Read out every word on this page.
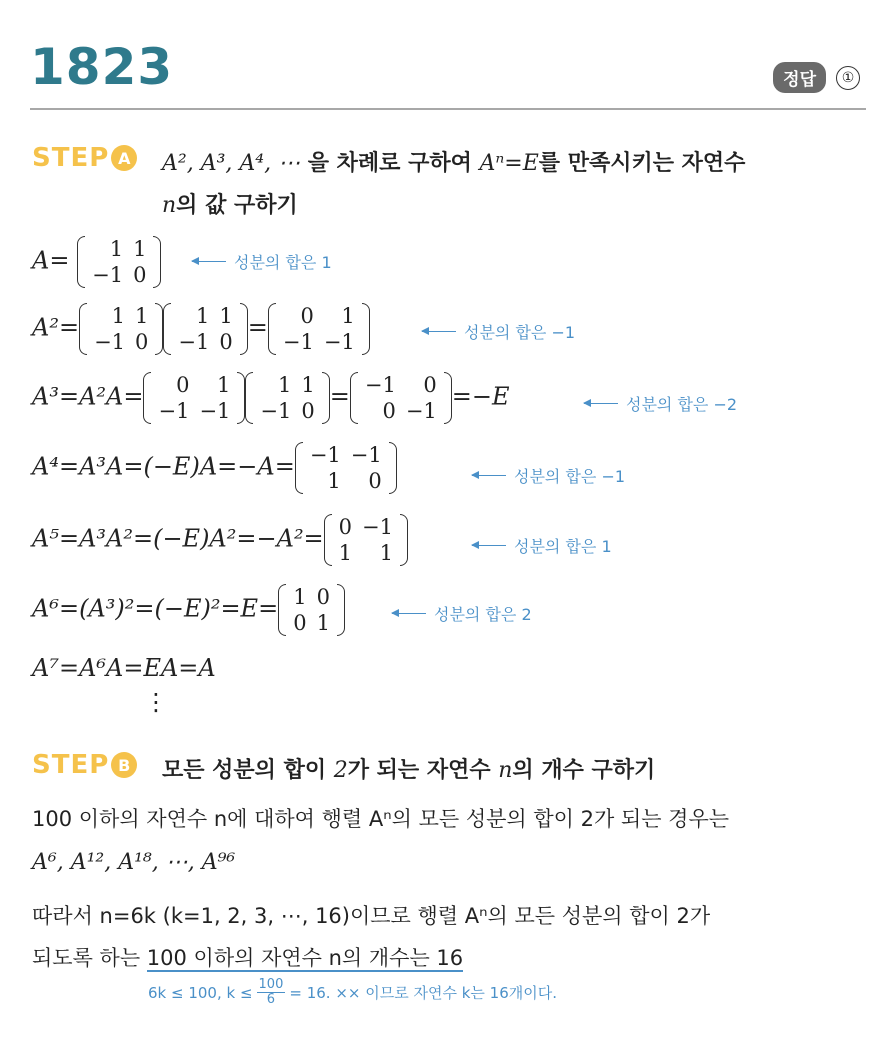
1823	정답	①
STEP A	A², A³, A⁴, ⋯ 을 차례로 구하여 Aⁿ=E를 만족시키는 자연수
n의 값 구하기
A= 1	1
−1	0
성분의 합은 1
A²= 1	1
−1	0
1	1
−1	0
= 0	1
−1	−1	성분의 합은 −1
A³=A²A= 0	1
−1	−1
1	1
−1	0
= −1	0
0	−1
=−E	성분의 합은 −2
A⁴=A³A=(−E)A=−A= −1	−1
1	0	성분의 합은 −1
A⁵=A³A²=(−E)A²=−A²= 0	−1
1	1	성분의 합은 1
A⁶=(A³)²=(−E)²=E= 1	0
0	1	성분의 합은 2
A⁷=A⁶A=EA=A
⋮
STEP B	모든 성분의 합이 2가 되는 자연수 n의 개수 구하기
100 이하의 자연수 n에 대하여 행렬 Aⁿ의 모든 성분의 합이 2가 되는 경우는
A⁶, A¹², A¹⁸, ⋯, A⁹⁶
따라서 n=6k (k=1, 2, 3, ⋯, 16)이므로 행렬 Aⁿ의 모든 성분의 합이 2가
되도록 하는 100 이하의 자연수 n의 개수는 16
6k ≤ 100, $k \le \frac{100}{6} = 16$. ×× 이므로 자연수 k는 16개이다.
